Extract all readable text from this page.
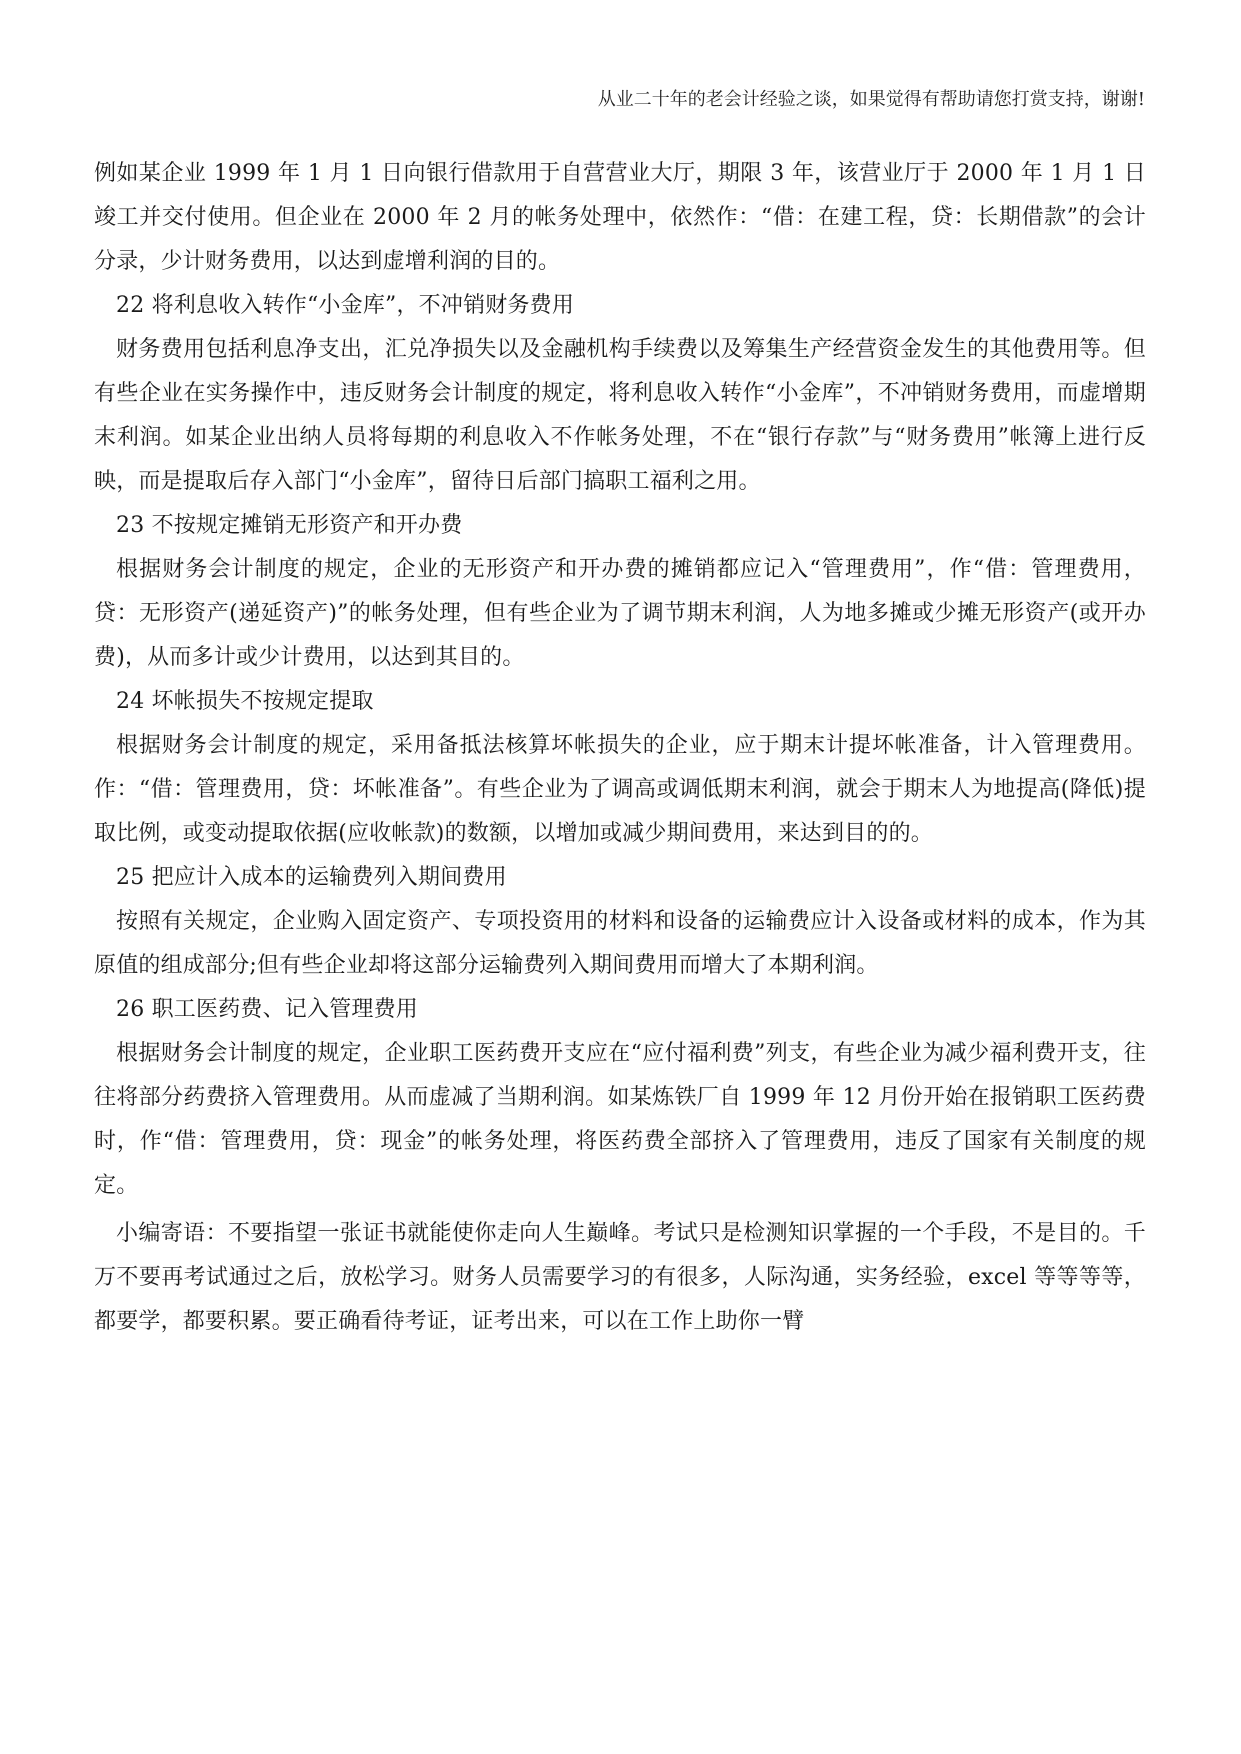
从业二十年的老会计经验之谈，如果觉得有帮助请您打赏支持，谢谢!

例如某企业 1999 年 1 月 1 日向银行借款用于自营营业大厅，期限 3 年，该营业厅于 2000 年 1 月 1 日竣工并交付使用。但企业在 2000 年 2 月的帐务处理中，依然作：“借：在建工程，贷：长期借款”的会计分录，少计财务费用，以达到虚增利润的目的。

22 将利息收入转作“小金库”，不冲销财务费用

财务费用包括利息净支出，汇兑净损失以及金融机构手续费以及筹集生产经营资金发生的其他费用等。但有些企业在实务操作中，违反财务会计制度的规定，将利息收入转作“小金库”，不冲销财务费用，而虚增期末利润。如某企业出纳人员将每期的利息收入不作帐务处理，不在“银行存款”与“财务费用”帐簿上进行反映，而是提取后存入部门“小金库”，留待日后部门搞职工福利之用。

23 不按规定摊销无形资产和开办费

根据财务会计制度的规定，企业的无形资产和开办费的摊销都应记入“管理费用”，作“借：管理费用，贷：无形资产(递延资产)”的帐务处理，但有些企业为了调节期末利润，人为地多摊或少摊无形资产(或开办费)，从而多计或少计费用，以达到其目的。

24 坏帐损失不按规定提取

根据财务会计制度的规定，采用备抵法核算坏帐损失的企业，应于期末计提坏帐准备，计入管理费用。作：“借：管理费用，贷：坏帐准备”。有些企业为了调高或调低期末利润，就会于期末人为地提高(降低)提取比例，或变动提取依据(应收帐款)的数额，以增加或减少期间费用，来达到目的的。

25 把应计入成本的运输费列入期间费用

按照有关规定，企业购入固定资产、专项投资用的材料和设备的运输费应计入设备或材料的成本，作为其原值的组成部分;但有些企业却将这部分运输费列入期间费用而增大了本期利润。

26 职工医药费、记入管理费用

根据财务会计制度的规定，企业职工医药费开支应在“应付福利费”列支，有些企业为减少福利费开支，往往将部分药费挤入管理费用。从而虚减了当期利润。如某炼铁厂自 1999 年 12 月份开始在报销职工医药费时，作“借：管理费用，贷：现金”的帐务处理，将医药费全部挤入了管理费用，违反了国家有关制度的规定。

小编寄语：不要指望一张证书就能使你走向人生巅峰。考试只是检测知识掌握的一个手段，不是目的。千万不要再考试通过之后，放松学习。财务人员需要学习的有很多，人际沟通，实务经验，excel 等等等等，都要学，都要积累。要正确看待考证，证考出来，可以在工作上助你一臂
